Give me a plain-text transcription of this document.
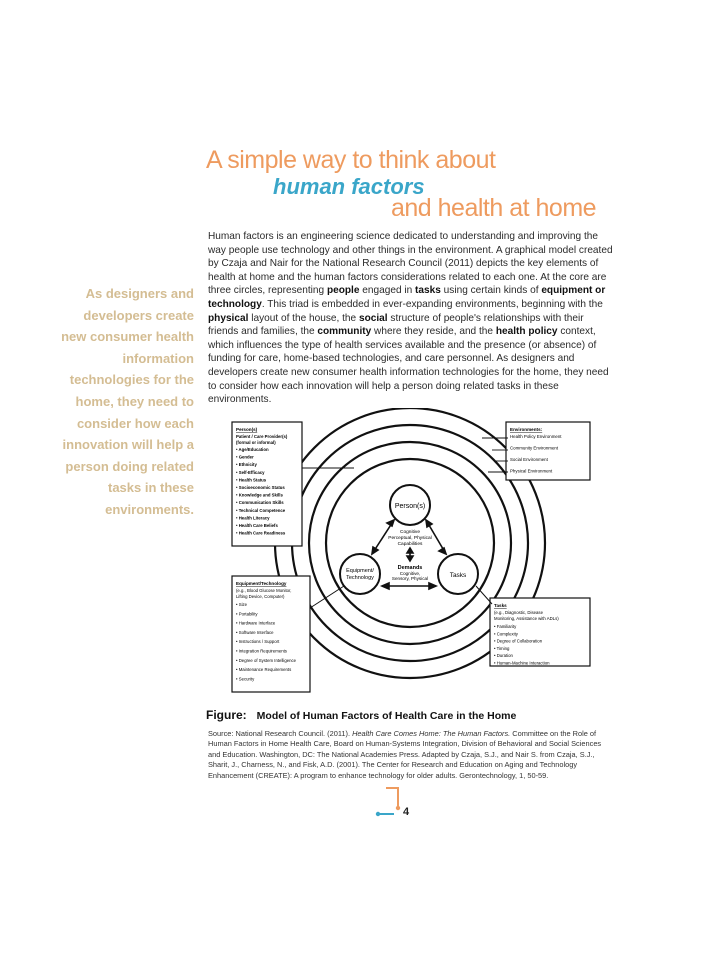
A simple way to think about
human factors
and health at home
Human factors is an engineering science dedicated to understanding and improving the way people use technology and other things in the environment. A graphical model created by Czaja and Nair for the National Research Council (2011) depicts the key elements of health at home and the human factors considerations related to each one. At the core are three circles, representing people engaged in tasks using certain kinds of equipment or technology. This triad is embedded in ever-expanding environments, beginning with the physical layout of the house, the social structure of people's relationships with their friends and families, the community where they reside, and the health policy context, which influences the type of health services available and the presence (or absence) of funding for care, home-based technologies, and care personnel. As designers and developers create new consumer health information technologies for the home, they need to consider how each innovation will help a person doing related tasks in these environments.
As designers and developers create new consumer health information technologies for the home, they need to consider how each innovation will help a person doing related tasks in these environments.	Person(s)
Equipment/
Technology	Tasks
Cognitive
Perceptual, Physical
Capabilities
Demands
Cognitive,
Sensory, Physical
Person(s)
Patient / Care Provider(s)
(formal or informal)
• Age/Education
• Gender
• Ethnicity
• Self-Efficacy
• Health Status
• Socioeconomic Status
• Knowledge and Skills
• Communication Skills
• Technical Competence
• Health Literacy
• Health Care Beliefs
• Health Care Readiness
Environments:
Health Policy Environment
Community Environment
Social Environment
Physical Environment
Equipment/Technology
(e.g., Blood Glucose Monitor,
Lifting Device, Computer)
• Size
• Portability
• Hardware Interface
• Software Interface
• Instructions / Support
• Integration Requirements
• Degree of System Intelligence
• Maintenance Requirements
• Security
Tasks
(e.g., Diagnostic, Disease
Monitoring, Assistance with ADLs)
• Familiarity
• Complexity
• Degree of Collaboration
• Timing
• Duration
• Human-Machine Interaction
Figure: Model of Human Factors of Health Care in the Home
Source: National Research Council. (2011). Health Care Comes Home: The Human Factors. Committee on the Role of Human Factors in Home Health Care, Board on Human-Systems Integration, Division of Behavioral and Social Sciences and Education. Washington, DC: The National Academies Press. Adapted by Czaja, S.J., and Nair S. from Czaja, S.J., Sharit, J., Charness, N., and Fisk, A.D. (2001). The Center for Research and Education on Aging and Technology Enhancement (CREATE): A program to enhance technology for older adults. Gerontechnology, 1, 50-59.
4
